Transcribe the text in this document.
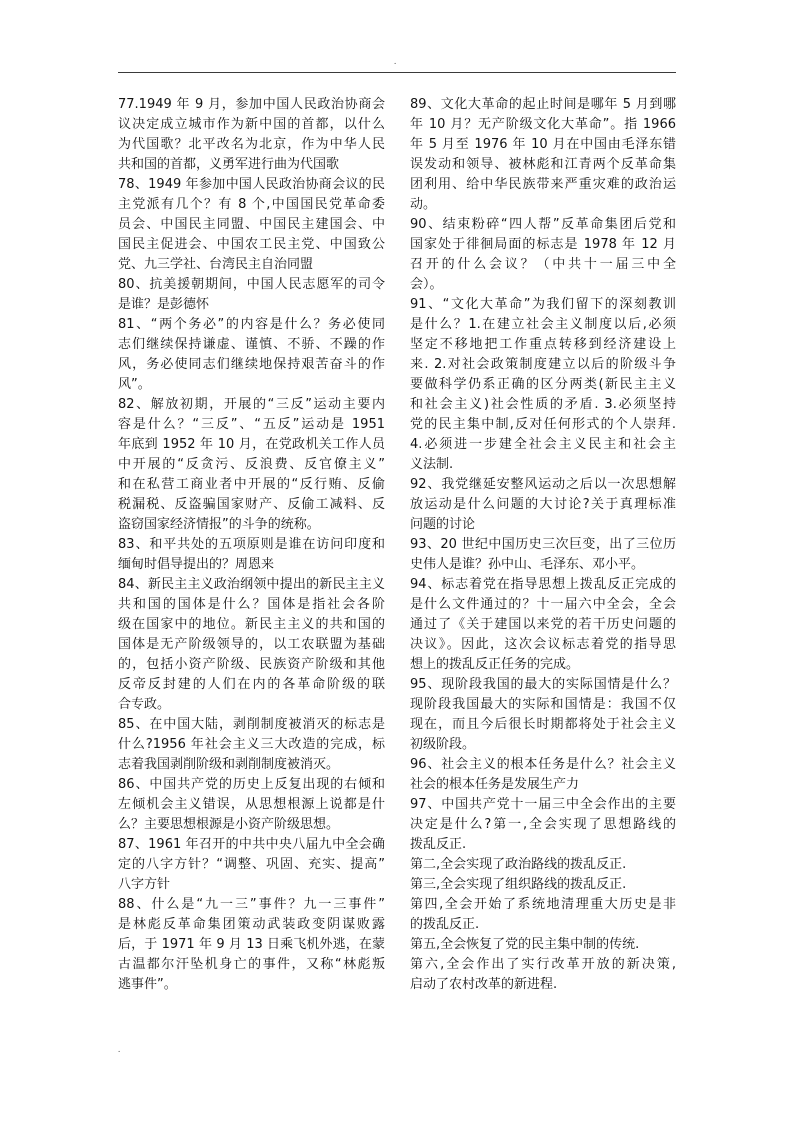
.
77.1949 年 9 月，参加中国人民政治协商会
议决定成立城市作为新中国的首都，以什么
为代国歌？北平改名为北京，作为中华人民
共和国的首都，义勇军进行曲为代国歌
78、1949 年参加中国人民政治协商会议的民
主党派有几个？有 8 个,中国国民党革命委
员会、中国民主同盟、中国民主建国会、中
国民主促进会、中国农工民主党、中国致公
党、九三学社、台湾民主自治同盟
80、抗美援朝期间，中国人民志愿军的司令
是谁？是彭德怀
81、“两个务必”的内容是什么？务必使同
志们继续保持谦虚、谨慎、不骄、不躁的作
风，务必使同志们继续地保持艰苦奋斗的作
风”。
82、解放初期，开展的“三反”运动主要内
容是什么？“三反”、“五反”运动是 1951
年底到 1952 年 10 月，在党政机关工作人员
中开展的“反贪污、反浪费、反官僚主义”
和在私营工商业者中开展的“反行贿、反偷
税漏税、反盗骗国家财产、反偷工减料、反
盗窃国家经济情报”的斗争的统称。
83、和平共处的五项原则是谁在访问印度和
缅甸时倡导提出的？周恩来
84、新民主主义政治纲领中提出的新民主主义
共和国的国体是什么？国体是指社会各阶
级在国家中的地位。新民主主义的共和国的
国体是无产阶级领导的，以工农联盟为基础
的，包括小资产阶级、民族资产阶级和其他
反帝反封建的人们在内的各革命阶级的联
合专政。
85、在中国大陆，剥削制度被消灭的标志是
什么?1956 年社会主义三大改造的完成，标
志着我国剥削阶级和剥削制度被消灭。
86、中国共产党的历史上反复出现的右倾和
左倾机会主义错误，从思想根源上说都是什
么？主要思想根源是小资产阶级思想。
87、1961 年召开的中共中央八届九中全会确
定的八字方针？“调整、巩固、充实、提高”
八字方针
88、什么是“九一三”事件？九一三事件”
是林彪反革命集团策动武装政变阴谋败露
后，于 1971 年 9 月 13 日乘飞机外逃，在蒙
古温都尔汗坠机身亡的事件，又称“林彪叛
逃事件”。
89、文化大革命的起止时间是哪年 5 月到哪
年 10 月？无产阶级文化大革命”。指 1966
年 5 月至 1976 年 10 月在中国由毛泽东错
误发动和领导、被林彪和江青两个反革命集
团利用、给中华民族带来严重灾难的政治运
动。
90、结束粉碎“四人帮”反革命集团后党和
国家处于徘徊局面的标志是 1978 年 12 月
召开的什么会议？（中共十一届三中全
会）。
91、“文化大革命”为我们留下的深刻教训
是什么？1.在建立社会主义制度以后,必须
坚定不移地把工作重点转移到经济建设上
来. 2.对社会政策制度建立以后的阶级斗争
要做科学仍系正确的区分两类(新民主主义
和社会主义)社会性质的矛盾. 3.必须坚持
党的民主集中制,反对任何形式的个人崇拜.
4.必须进一步建全社会主义民主和社会主
义法制.
92、我党继延安整风运动之后以一次思想解
放运动是什么问题的大讨论?关于真理标准
问题的讨论
93、20 世纪中国历史三次巨变，出了三位历
史伟人是谁？孙中山、毛泽东、邓小平。
94、标志着党在指导思想上拨乱反正完成的
是什么文件通过的？十一届六中全会，全会
通过了《关于建国以来党的若干历史问题的
决议》。因此，这次会议标志着党的指导思
想上的拨乱反正任务的完成。
95、现阶段我国的最大的实际国情是什么？
现阶段我国最大的实际和国情是：我国不仅
现在，而且今后很长时期都将处于社会主义
初级阶段。
96、社会主义的根本任务是什么？社会主义
社会的根本任务是发展生产力
97、中国共产党十一届三中全会作出的主要
决定是什么?第一,全会实现了思想路线的
拨乱反正.
第二,全会实现了政治路线的拨乱反正.
第三,全会实现了组织路线的拨乱反正.
第四,全会开始了系统地清理重大历史是非
的拨乱反正.
第五,全会恢复了党的民主集中制的传统.
第六,全会作出了实行改革开放的新决策,
启动了农村改革的新进程.
.
